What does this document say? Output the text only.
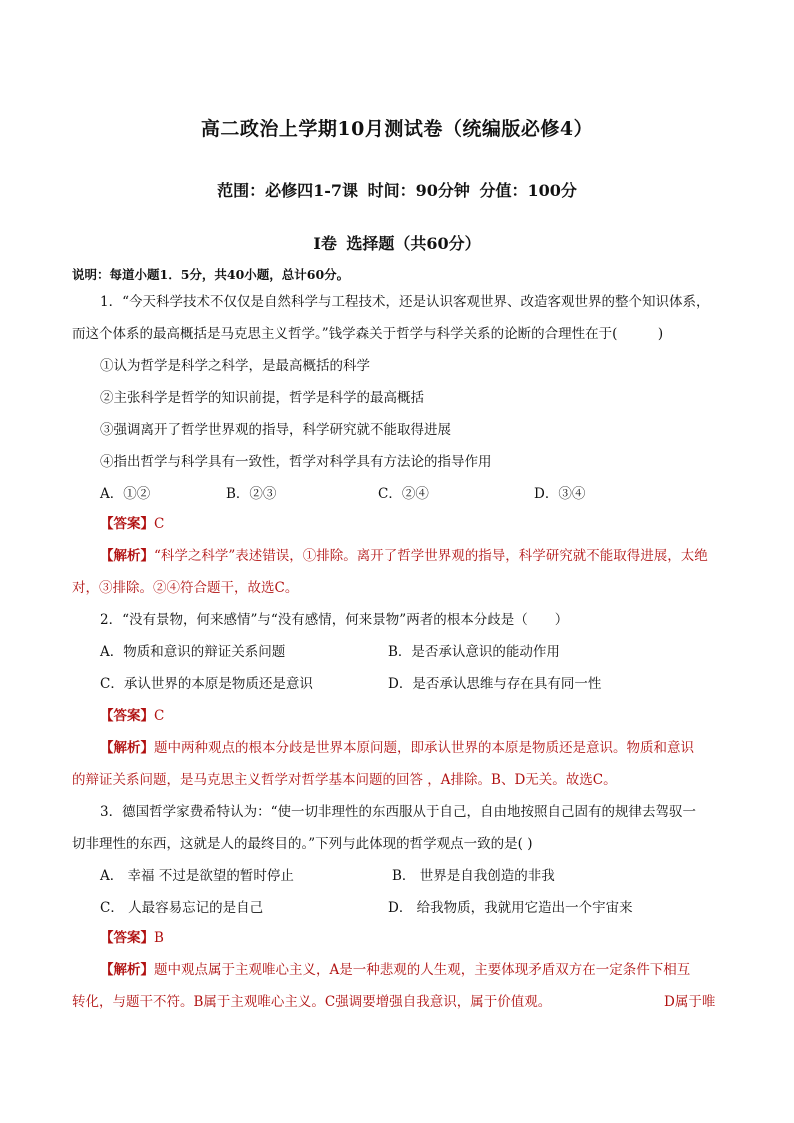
高二政治上学期10月测试卷（统编版必修4）
范围：必修四1-7课 时间：90分钟 分值：100分
Ⅰ卷 选择题（共60分）
说明：每道小题1．5分，共40小题，总计60分。
1．“今天科学技术不仅仅是自然科学与工程技术，还是认识客观世界、改造客观世界的整个知识体系，
而这个体系的最高概括是马克思主义哲学。”钱学森关于哲学与科学关系的论断的合理性在于(　　　)
①认为哲学是科学之科学，是最高概括的科学
②主张科学是哲学的知识前提，哲学是科学的最高概括
③强调离开了哲学世界观的指导，科学研究就不能取得进展
④指出哲学与科学具有一致性，哲学对科学具有方法论的指导作用
A．①②	B．②③	C．②④	D．③④
【答案】C
【解析】“科学之科学”表述错误，①排除。离开了哲学世界观的指导，科学研究就不能取得进展，太绝
对，③排除。②④符合题干，故选C。
2．“没有景物，何来感情”与“没有感情，何来景物”两者的根本分歧是（　　）
A．物质和意识的辩证关系问题	B．是否承认意识的能动作用
C．承认世界的本原是物质还是意识	D．是否承认思维与存在具有同一性
【答案】C
【解析】题中两种观点的根本分歧是世界本原问题，即承认世界的本原是物质还是意识。物质和意识
的辩证关系问题，是马克思主义哲学对哲学基本问题的回答 ，A排除。B、D无关。故选C。
3．德国哲学家费希特认为：“使一切非理性的东西服从于自己，自由地按照自己固有的规律去驾驭一
切非理性的东西，这就是人的最终目的。”下列与此体现的哲学观点一致的是( )
A． 幸福 不过是欲望的暂时停止	B． 世界是自我创造的非我
C． 人最容易忘记的是自己	D． 给我物质，我就用它造出一个宇宙来
【答案】B
【解析】题中观点属于主观唯心主义，A是一种悲观的人生观，主要体现矛盾双方在一定条件下相互
转化，与题干不符。B属于主观唯心主义。C强调要增强自我意识，属于价值观。	D属于唯
